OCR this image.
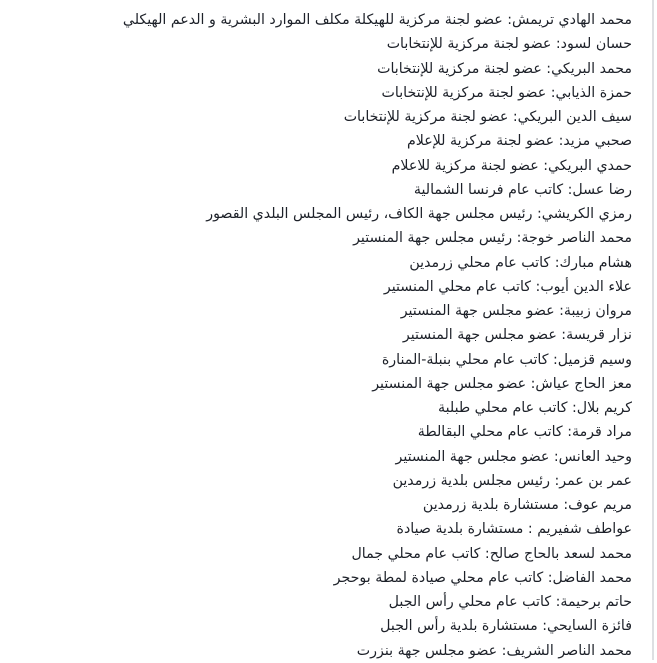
محمد الهادي تريمش: عضو لجنة مركزية للهيكلة مكلف الموارد البشرية و الدعم الهيكلي
حسان لسود: عضو لجنة مركزية للإنتخابات
محمد البريكي: عضو لجنة مركزية للإنتخابات
حمزة الذيابي: عضو لجنة مركزية للإنتخابات
سيف الدين البريكي: عضو لجنة مركزية للإنتخابات
صحبي مزيد: عضو لجنة مركزية للإعلام
حمدي البريكي: عضو لجنة مركزية للاعلام
رضا عسل: كاتب عام فرنسا الشمالية
رمزي الكريشي: رئيس مجلس جهة الكاف، رئيس المجلس البلدي القصور
محمد الناصر خوجة: رئيس مجلس جهة المنستير
هشام مبارك: كاتب عام محلي زرمدين
علاء الدين أيوب: كاتب عام محلي المنستير
مروان زبيبة: عضو مجلس جهة المنستير
نزار قريسة: عضو مجلس جهة المنستير
وسيم قزميل: كاتب عام محلي بنبلة-المنارة
معز الحاج عياش: عضو مجلس جهة المنستير
كريم بلال: كاتب عام محلي طبلبة
مراد قرمة: كاتب عام محلي البقالطة
وحيد العانس: عضو مجلس جهة المنستير
عمر بن عمر: رئيس مجلس بلدية زرمدين
مريم عوف: مستشارة بلدية زرمدين
عواطف شفيريم : مستشارة بلدية صيادة
محمد لسعد بالحاج صالح: كاتب عام محلي جمال
محمد الفاضل: كاتب عام محلي صيادة لمطة بوحجر
حاتم برحيمة: كاتب عام محلي رأس الجبل
فائزة السايحي: مستشارة بلدية رأس الجبل
محمد الناصر الشريف: عضو مجلس جهة بنزرت
